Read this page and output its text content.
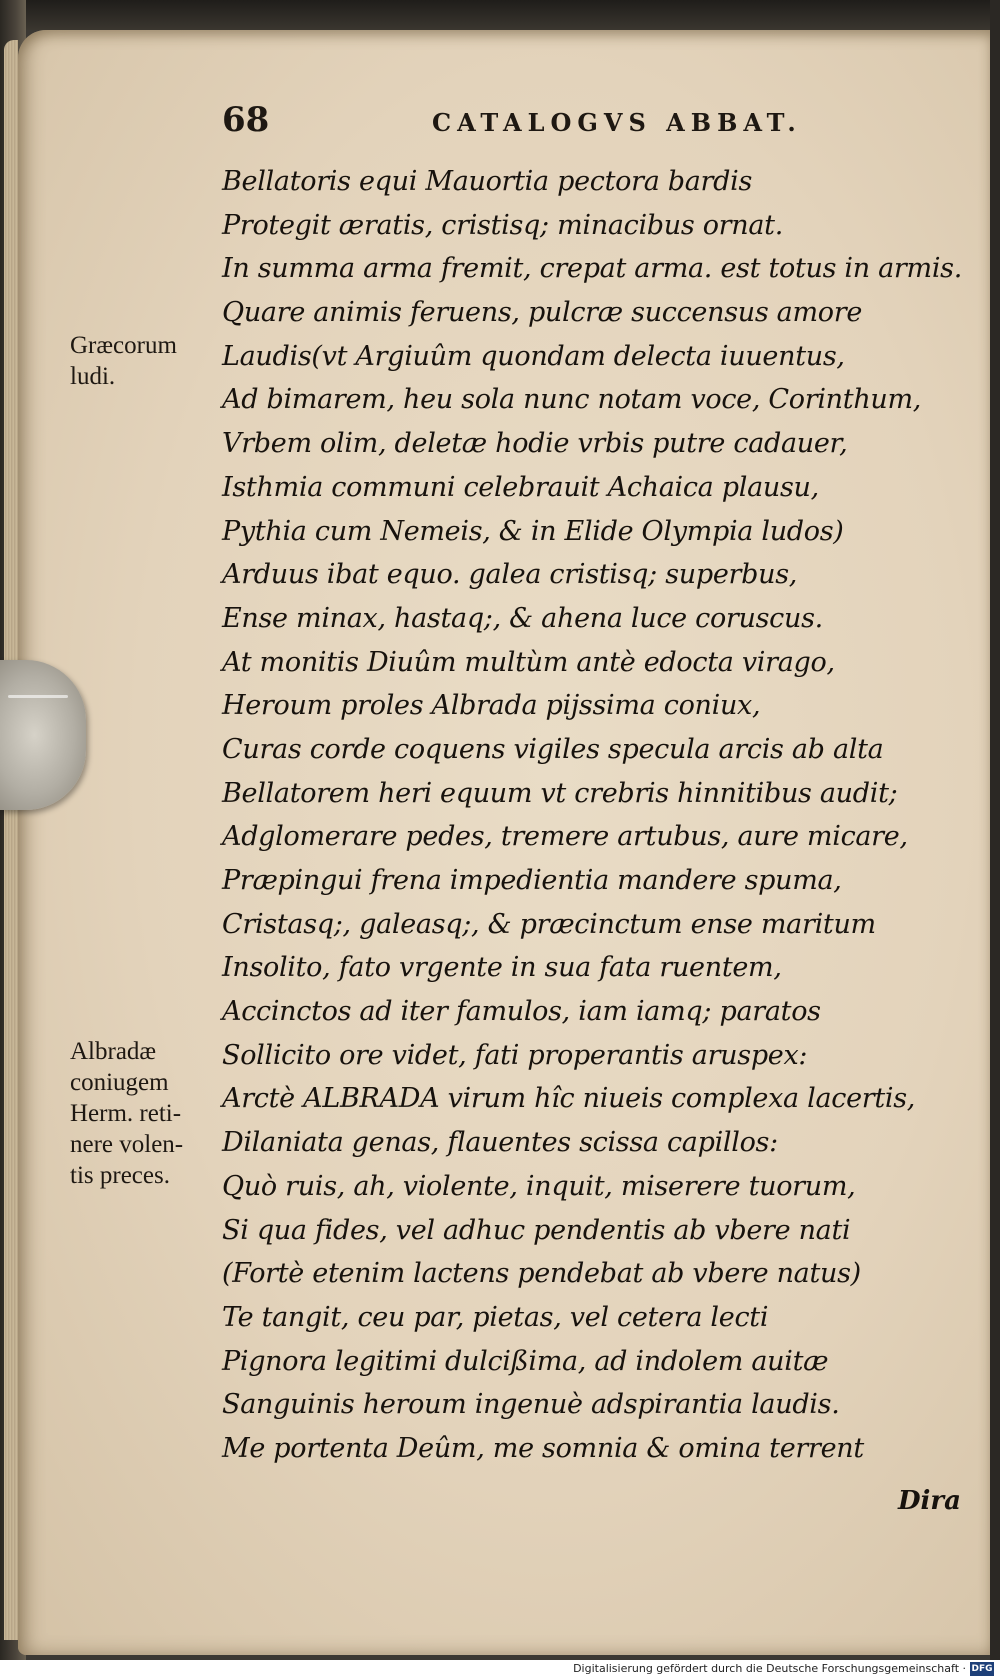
68	CATALOGVS ABBAT.
Bellatoris equi Mauortia pectora bardis
Protegit æratis, cristisq; minacibus ornat.
In summa arma fremit, crepat arma. est totus in armis.
Quare animis feruens, pulcræ succensus amore
Laudis(vt Argiuûm quondam delecta iuuentus,
Ad bimarem, heu sola nunc notam voce, Corinthum,
Vrbem olim, deletæ hodie vrbis putre cadauer,
Isthmia communi celebrauit Achaica plausu,
Pythia cum Nemeis, & in Elide Olympia ludos)
Arduus ibat equo. galea cristisq; superbus,
Ense minax, hastaq;, & ahena luce coruscus.
At monitis Diuûm multùm antè edocta virago,
Heroum proles Albrada pijssima coniux,
Curas corde coquens vigiles specula arcis ab alta
Bellatorem heri equum vt crebris hinnitibus audit;
Adglomerare pedes, tremere artubus, aure micare,
Præpingui frena impedientia mandere spuma,
Cristasq;, galeasq;, & præcinctum ense maritum
Insolito, fato vrgente in sua fata ruentem,
Accinctos ad iter famulos, iam iamq; paratos
Sollicito ore videt, fati properantis aruspex:
Arctè ALBRADA virum hîc niueis complexa lacertis,
Dilaniata genas, flauentes scissa capillos:
Quò ruis, ah, violente, inquit, miserere tuorum,
Si qua fides, vel adhuc pendentis ab vbere nati
(Fortè etenim lactens pendebat ab vbere natus)
Te tangit, ceu par, pietas, vel cetera lecti
Pignora legitimi dulcißima, ad indolem auitæ
Sanguinis heroum ingenuè adspirantia laudis.
Me portenta Deûm, me somnia & omina terrent
Græcorum
ludi.
Albradæ
coniugem
Herm. reti-
nere volen-
tis preces.
Dira
Digitalisierung gefördert durch die Deutsche Forschungsgemeinschaft · DFG
